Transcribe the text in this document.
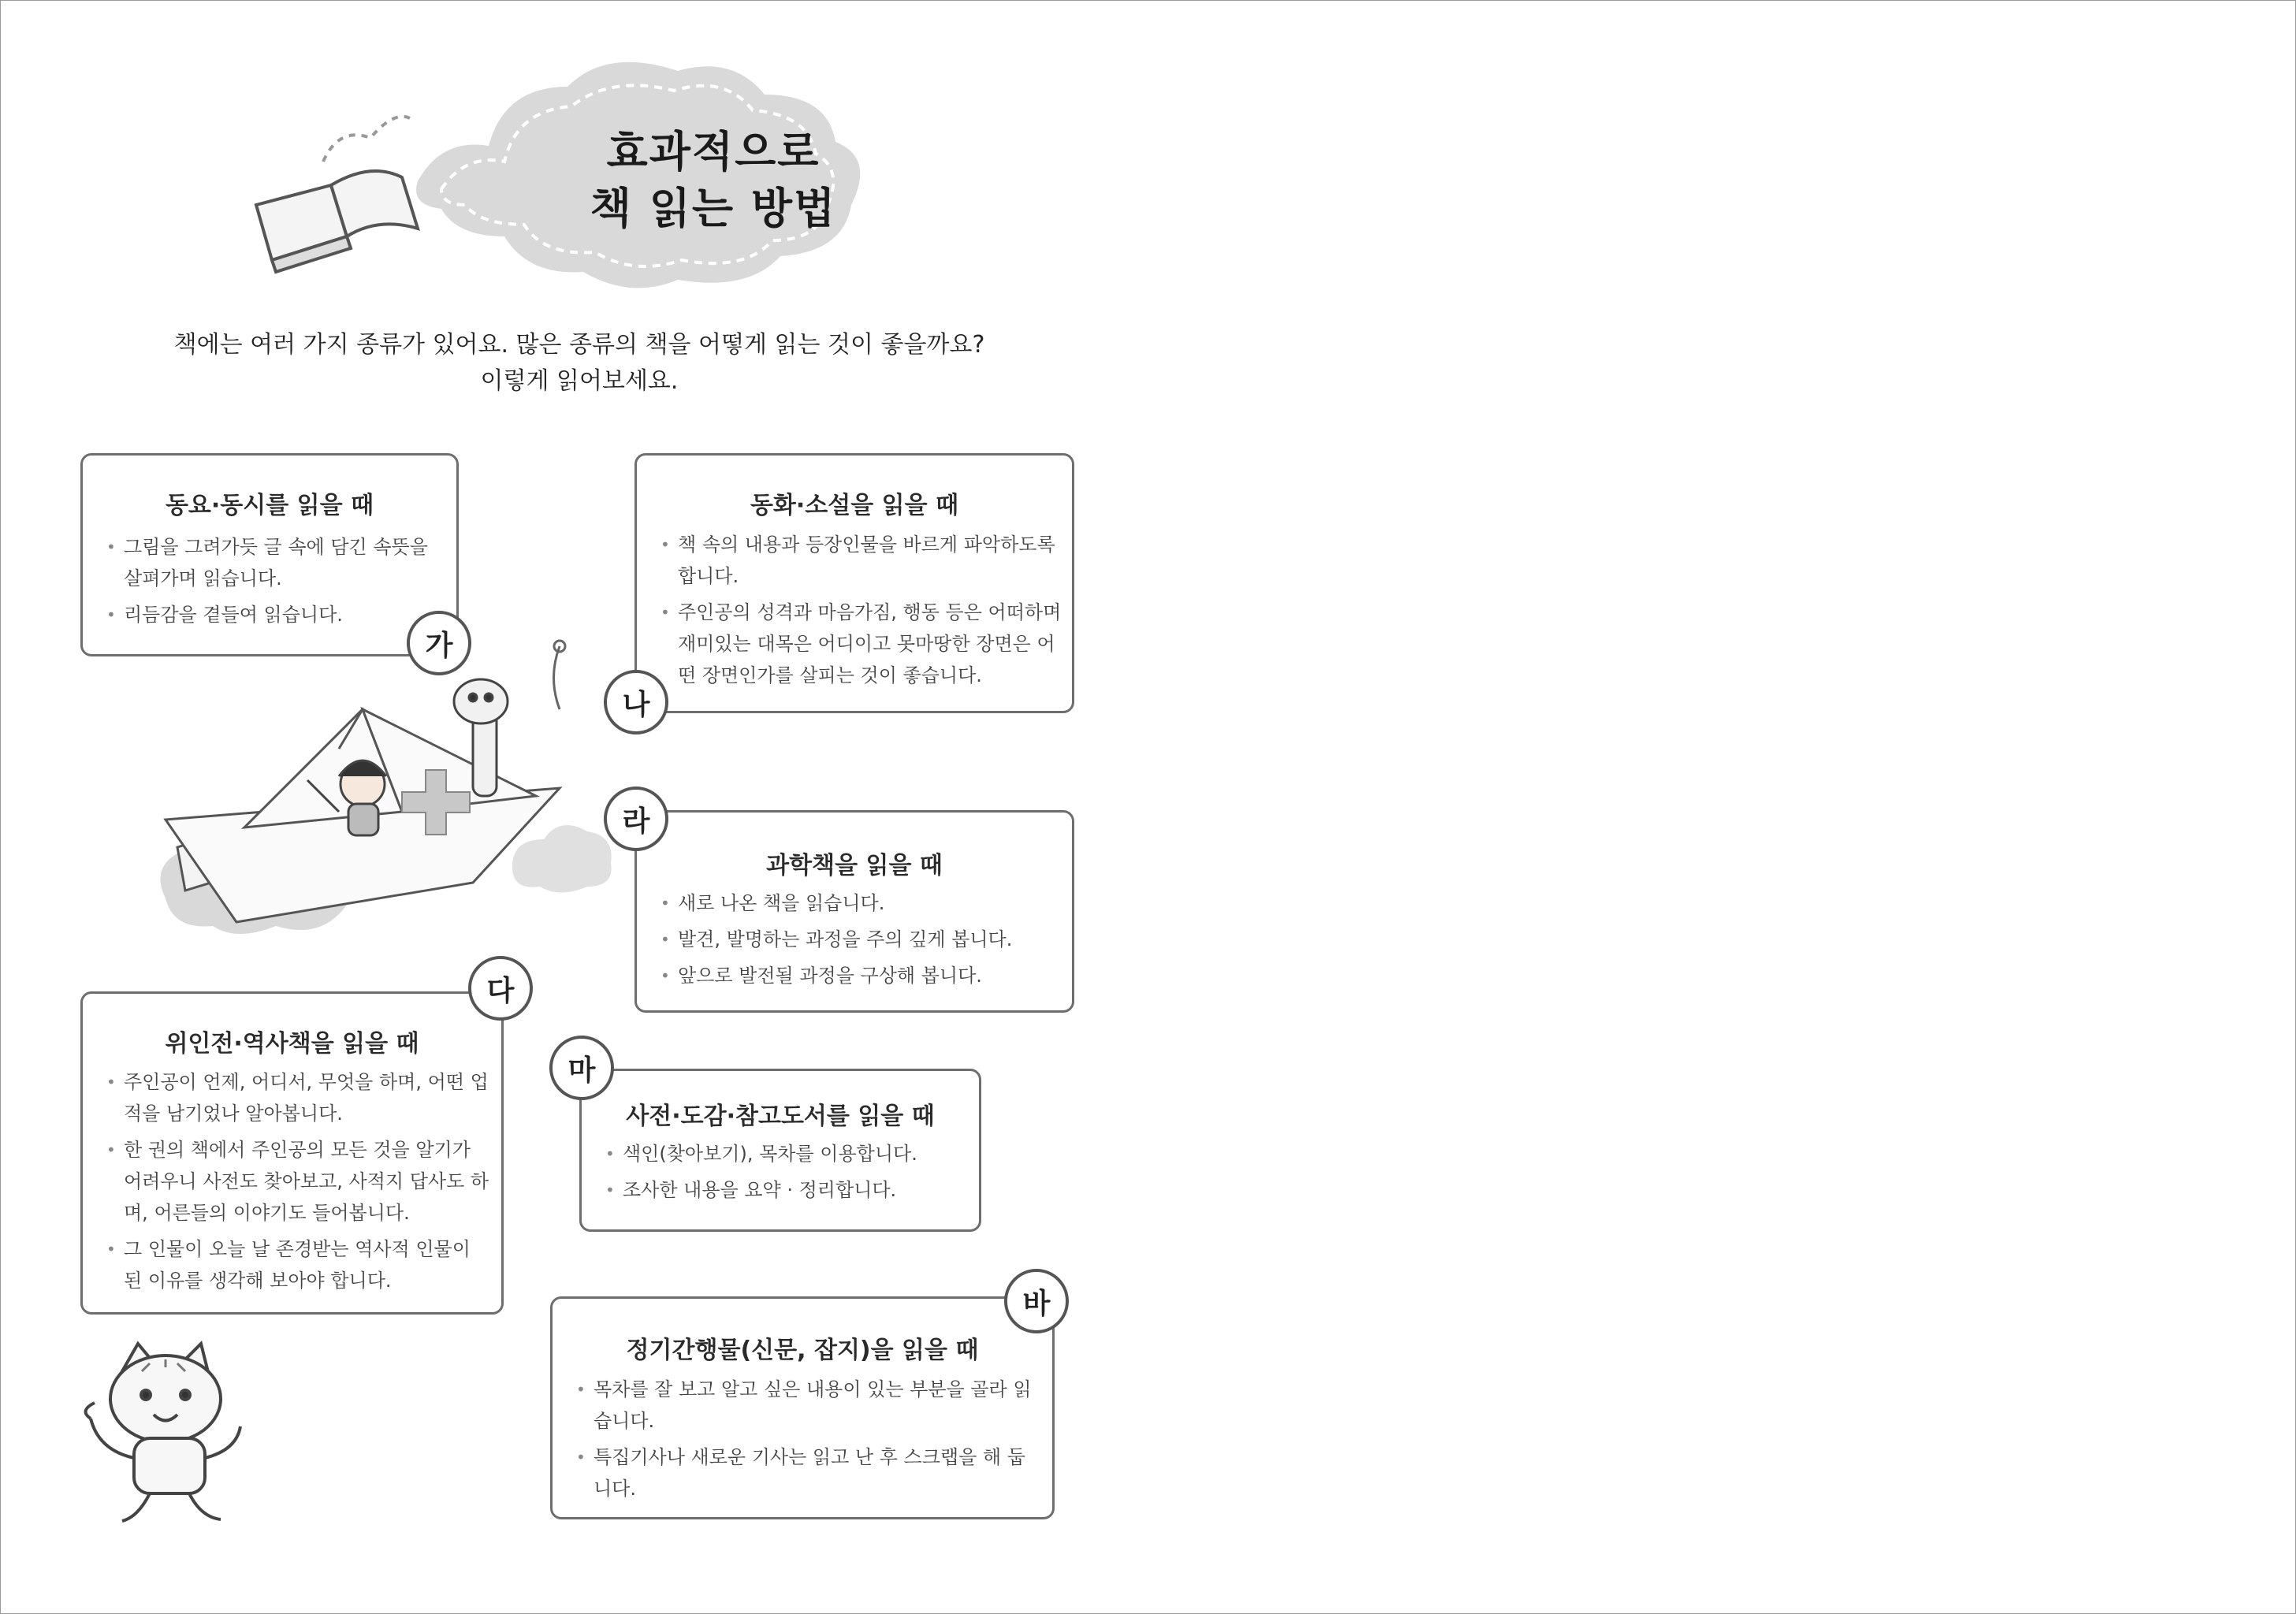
효과적으로
책 읽는 방법
책에는 여러 가지 종류가 있어요. 많은 종류의 책을 어떻게 읽는 것이 좋을까요?
이렇게 읽어보세요.
동요·동시를 읽을 때
• 그림을 그려가듯 글 속에 담긴 속뜻을 살펴가며 읽습니다.
• 리듬감을 곁들여 읽습니다.
가
동화·소설을 읽을 때
• 책 속의 내용과 등장인물을 바르게 파악하도록 합니다.
• 주인공의 성격과 마음가짐, 행동 등은 어떠하며 재미있는 대목은 어디이고 못마땅한 장면은 어떤 장면인가를 살피는 것이 좋습니다.
나
과학책을 읽을 때
• 새로 나온 책을 읽습니다.
• 발견, 발명하는 과정을 주의 깊게 봅니다.
• 앞으로 발전될 과정을 구상해 봅니다.
라
위인전·역사책을 읽을 때
• 주인공이 언제, 어디서, 무엇을 하며, 어떤 업적을 남기었나 알아봅니다.
• 한 권의 책에서 주인공의 모든 것을 알기가 어려우니 사전도 찾아보고, 사적지 답사도 하며, 어른들의 이야기도 들어봅니다.
• 그 인물이 오늘 날 존경받는 역사적 인물이 된 이유를 생각해 보아야 합니다.
다
사전·도감·참고도서를 읽을 때
• 색인(찾아보기), 목차를 이용합니다.
• 조사한 내용을 요약 · 정리합니다.
마
정기간행물(신문, 잡지)을 읽을 때
• 목차를 잘 보고 알고 싶은 내용이 있는 부분을 골라 읽습니다.
• 특집기사나 새로운 기사는 읽고 난 후 스크랩을 해 둡니다.
바
